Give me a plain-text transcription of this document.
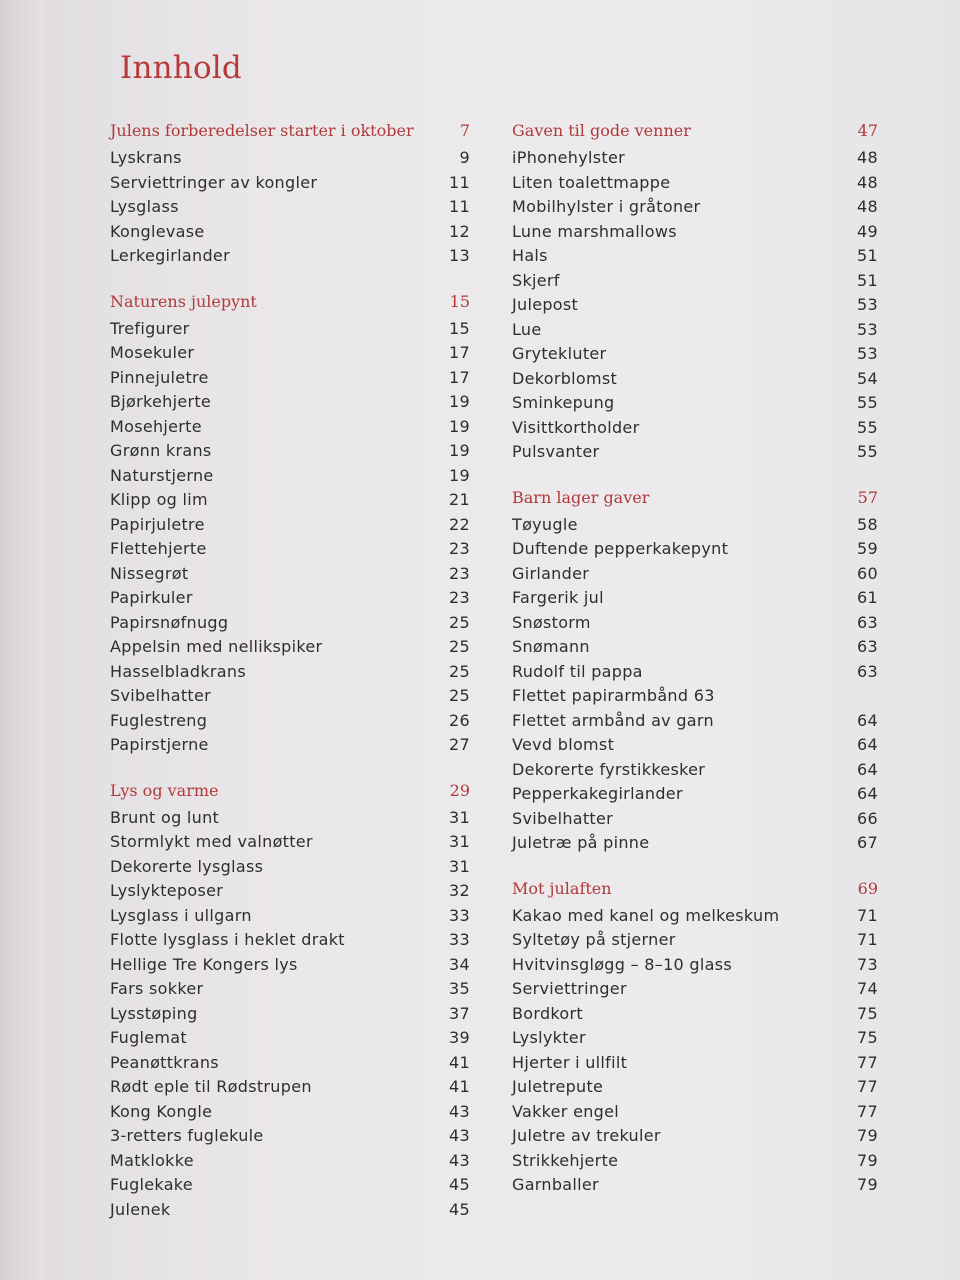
Innhold
Julens forberedelser starter i oktober	7
Lyskrans	9
Serviettringer av kongler	11
Lysglass	11
Konglevase	12
Lerkegirlander	13
Naturens julepynt	15
Trefigurer	15
Mosekuler	17
Pinnejuletre	17
Bjørkehjerte	19
Mosehjerte	19
Grønn krans	19
Naturstjerne	19
Klipp og lim	21
Papirjuletre	22
Flettehjerte	23
Nissegrøt	23
Papirkuler	23
Papirsnøfnugg	25
Appelsin med nellikspiker	25
Hasselbladkrans	25
Svibelhatter	25
Fuglestreng	26
Papirstjerne	27
Lys og varme	29
Brunt og lunt	31
Stormlykt med valnøtter	31
Dekorerte lysglass	31
Lyslykteposer	32
Lysglass i ullgarn	33
Flotte lysglass i heklet drakt	33
Hellige Tre Kongers lys	34
Fars sokker	35
Lysstøping	37
Fuglemat	39
Peanøttkrans	41
Rødt eple til Rødstrupen	41
Kong Kongle	43
3-retters fuglekule	43
Matklokke	43
Fuglekake	45
Julenek	45
Gaven til gode venner	47
iPhonehylster	48
Liten toalettmappe	48
Mobilhylster i gråtoner	48
Lune marshmallows	49
Hals	51
Skjerf	51
Julepost	53
Lue	53
Grytekluter	53
Dekorblomst	54
Sminkepung	55
Visittkortholder	55
Pulsvanter	55
Barn lager gaver	57
Tøyugle	58
Duftende pepperkakepynt	59
Girlander	60
Fargerik jul	61
Snøstorm	63
Snømann	63
Rudolf til pappa	63
Flettet papirarmbånd 63
Flettet armbånd av garn	64
Vevd blomst	64
Dekorerte fyrstikkesker	64
Pepperkakegirlander	64
Svibelhatter	66
Juletræ på pinne	67
Mot julaften	69
Kakao med kanel og melkeskum	71
Syltetøy på stjerner	71
Hvitvinsgløgg – 8–10 glass	73
Serviettringer	74
Bordkort	75
Lyslykter	75
Hjerter i ullfilt	77
Juletrepute	77
Vakker engel	77
Juletre av trekuler	79
Strikkehjerte	79
Garnballer	79
